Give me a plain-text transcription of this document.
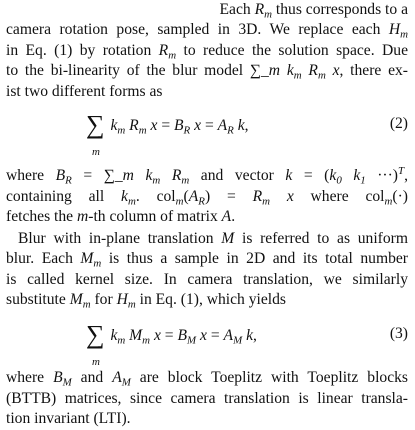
Each $R_m$ thus corresponds to a
camera rotation pose, sampled in 3D. We replace each $H_m$
in Eq. (1) by rotation $R_m$ to reduce the solution space. Due
to the bi-linearity of the blur model ∑_m $k_m$ $R_m$ x, there ex-
ist two different forms as
∑
m
$k_m$ $R_m$ $x = B_R$ $x = A_R$ k,	(2)
where $B_R$ = ∑_m $k_m$ $R_m$ and vector $k = (k_0$ $k_1 \cdot\cdot\cdot)^T$,
containing all $k_m$. $col_m(A_R) = R_m$ x where col$_m$(·)
fetches the m-th column of matrix A.
Blur with in-plane translation M is referred to as uniform
blur. Each $M_m$ is thus a sample in 2D and its total number
is called kernel size. In camera translation, we similarly
substitute $M_m$ for $H_m$ in Eq. (1), which yields
∑
m
$k_m$ $M_m$ $x = B_M$ $x = A_M$ k,	(3)
where $B_M$ and $A_M$ are block Toeplitz with Toeplitz blocks
(BTTB) matrices, since camera translation is linear transla-
tion invariant (LTI).
